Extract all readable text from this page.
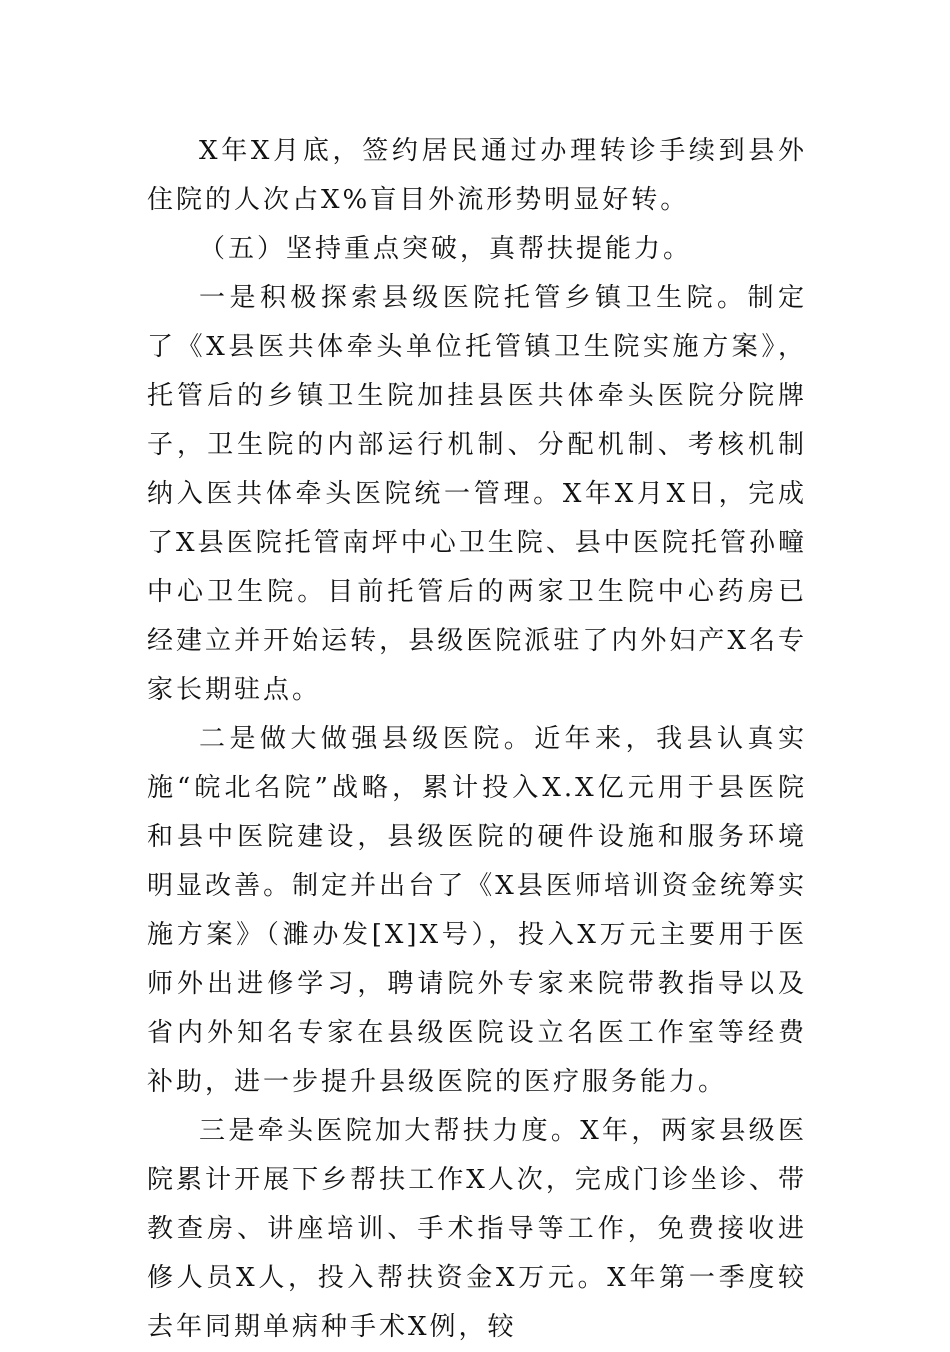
X年X月底，签约居民通过办理转诊手续到县外住院的人次占X%盲目外流形势明显好转。

（五）坚持重点突破，真帮扶提能力。

一是积极探索县级医院托管乡镇卫生院。制定了《X县医共体牵头单位托管镇卫生院实施方案》，托管后的乡镇卫生院加挂县医共体牵头医院分院牌子，卫生院的内部运行机制、分配机制、考核机制纳入医共体牵头医院统一管理。X年X月X日，完成了X县医院托管南坪中心卫生院、县中医院托管孙疃中心卫生院。目前托管后的两家卫生院中心药房已经建立并开始运转，县级医院派驻了内外妇产X名专家长期驻点。

二是做大做强县级医院。近年来，我县认真实施“皖北名院”战略，累计投入X.X亿元用于县医院和县中医院建设，县级医院的硬件设施和服务环境明显改善。制定并出台了《X县医师培训资金统筹实施方案》（濉办发[X]X号），投入X万元主要用于医师外出进修学习，聘请院外专家来院带教指导以及省内外知名专家在县级医院设立名医工作室等经费补助，进一步提升县级医院的医疗服务能力。

三是牵头医院加大帮扶力度。X年，两家县级医院累计开展下乡帮扶工作X人次，完成门诊坐诊、带教查房、讲座培训、手术指导等工作，免费接收进修人员X人，投入帮扶资金X万元。X年第一季度较去年同期单病种手术X例，较
